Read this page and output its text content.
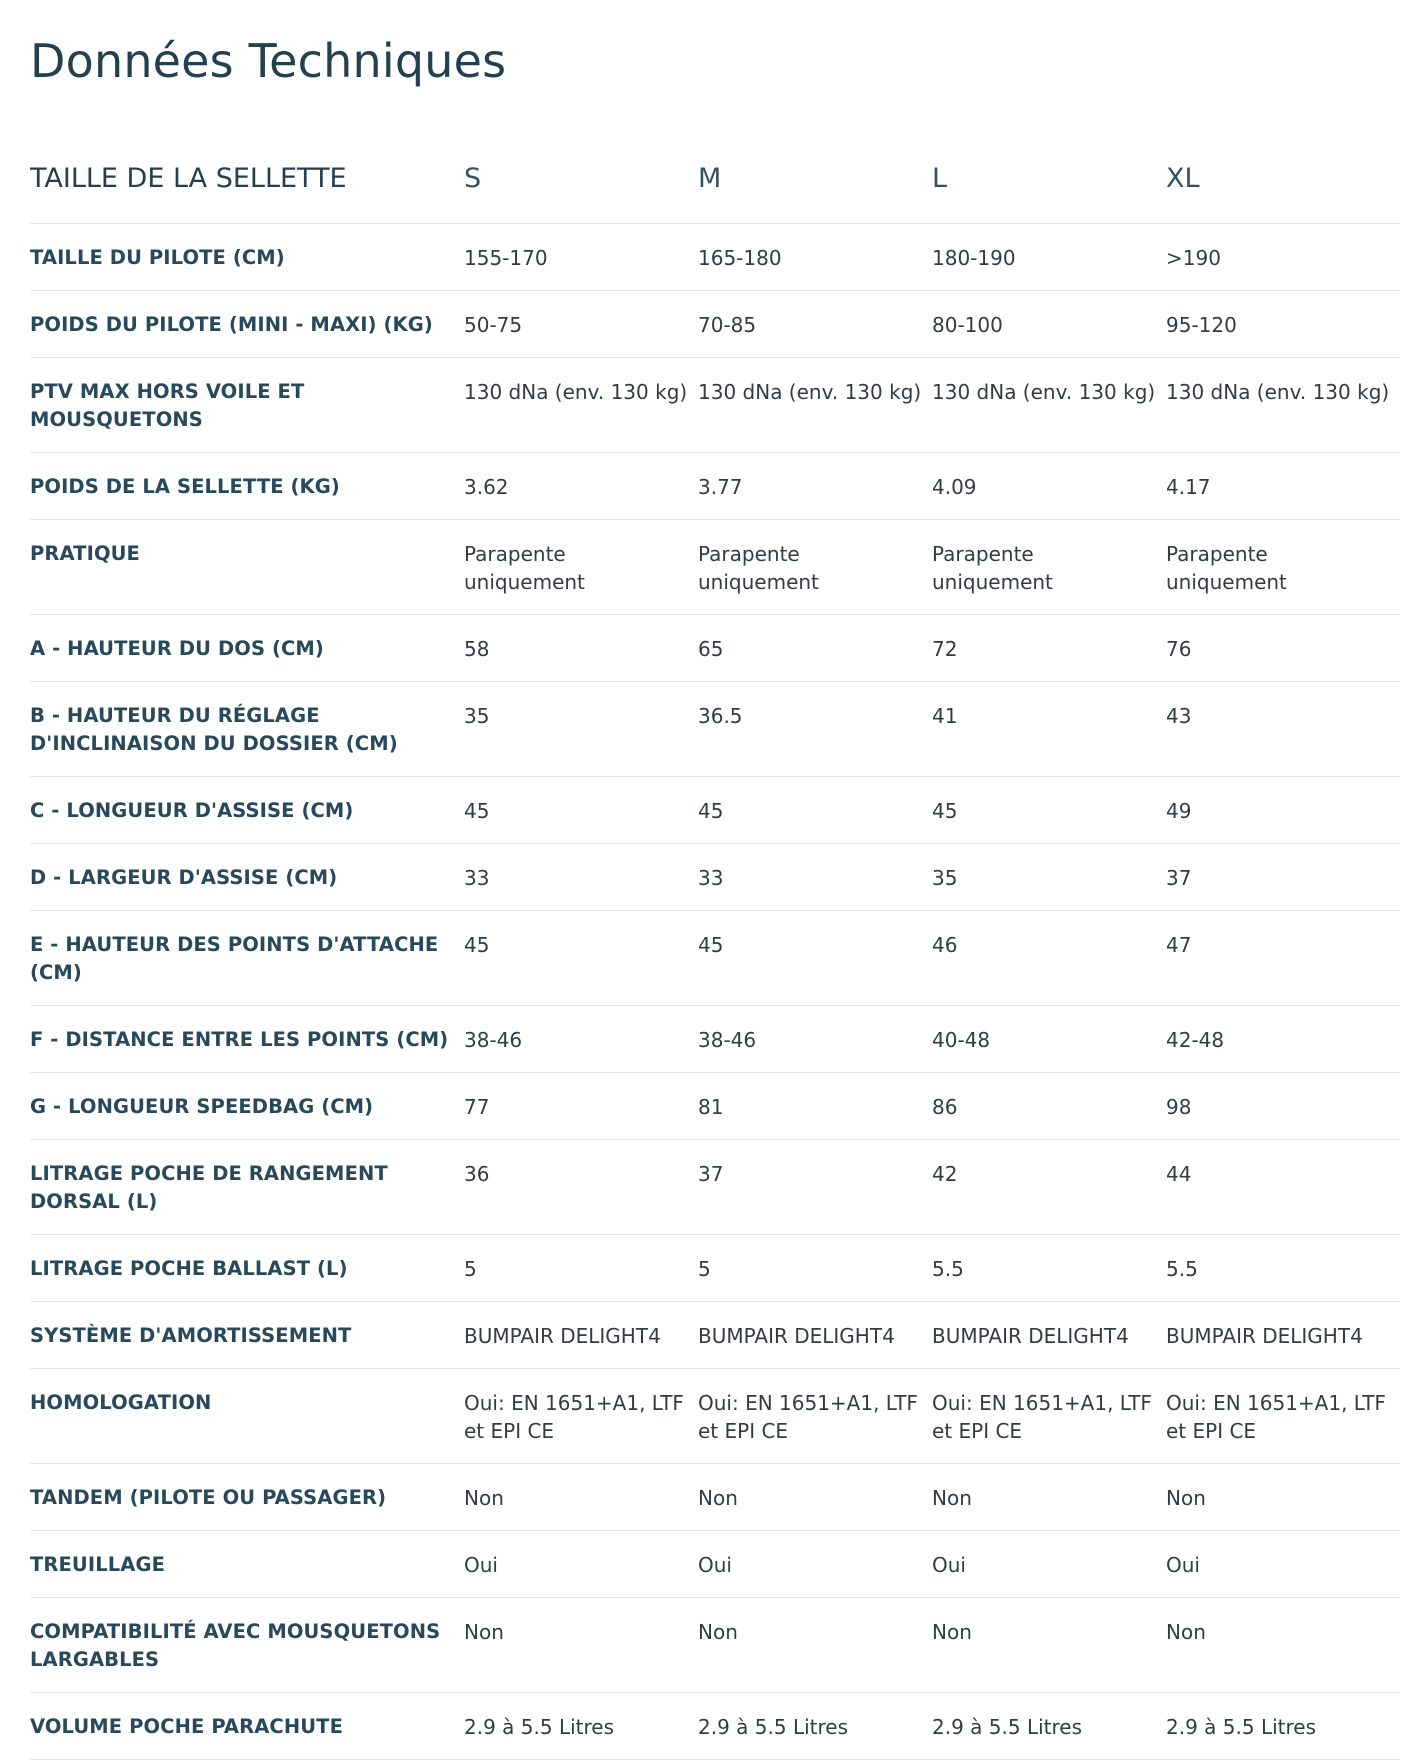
Données Techniques
TAILLE DE LA SELLETTE	S	M	L	XL
TAILLE DU PILOTE (CM)	155-170	165-180	180-190	>190
POIDS DU PILOTE (MINI - MAXI) (KG)	50-75	70-85	80-100	95-120
PTV MAX HORS VOILE ET MOUSQUETONS	130 dNa (env. 130 kg)	130 dNa (env. 130 kg)	130 dNa (env. 130 kg)	130 dNa (env. 130 kg)
POIDS DE LA SELLETTE (KG)	3.62	3.77	4.09	4.17
PRATIQUE	Parapente uniquement	Parapente uniquement	Parapente uniquement	Parapente uniquement
A - HAUTEUR DU DOS (CM)	58	65	72	76
B - HAUTEUR DU RÉGLAGE D'INCLINAISON DU DOSSIER (CM)	35	36.5	41	43
C - LONGUEUR D'ASSISE (CM)	45	45	45	49
D - LARGEUR D'ASSISE (CM)	33	33	35	37
E - HAUTEUR DES POINTS D'ATTACHE (CM)	45	45	46	47
F - DISTANCE ENTRE LES POINTS (CM)	38-46	38-46	40-48	42-48
G - LONGUEUR SPEEDBAG (CM)	77	81	86	98
LITRAGE POCHE DE RANGEMENT DORSAL (L)	36	37	42	44
LITRAGE POCHE BALLAST (L)	5	5	5.5	5.5
SYSTÈME D'AMORTISSEMENT	BUMPAIR DELIGHT4	BUMPAIR DELIGHT4	BUMPAIR DELIGHT4	BUMPAIR DELIGHT4
HOMOLOGATION	Oui: EN 1651+A1, LTF et EPI CE	Oui: EN 1651+A1, LTF et EPI CE	Oui: EN 1651+A1, LTF et EPI CE	Oui: EN 1651+A1, LTF et EPI CE
TANDEM (PILOTE OU PASSAGER)	Non	Non	Non	Non
TREUILLAGE	Oui	Oui	Oui	Oui
COMPATIBILITÉ AVEC MOUSQUETONS LARGABLES	Non	Non	Non	Non
VOLUME POCHE PARACHUTE	2.9 à 5.5 Litres	2.9 à 5.5 Litres	2.9 à 5.5 Litres	2.9 à 5.5 Litres
